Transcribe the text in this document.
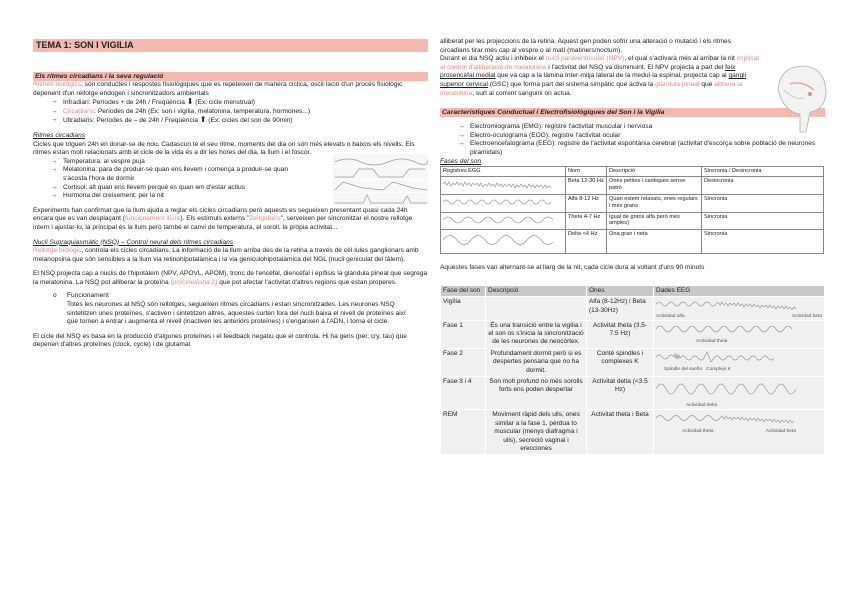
TEMA 1: SON I VIGILIA
Els ritmes circadians i la seva regulació

Ritmes biològics, són conductes i respostes fisiològiques que es repeteixen de manera cíclica, oscil·lació d'un procés fisiològic depenent d'un rellotge endogen i sincronitzadors ambientals

→ Infradiari: Períodes + de 24h / Freqüència ⬇ (Ex: cicle menstrual)
→ Circadians: Períodes de 24h (Ex: son i vigília, melatonina, temperatura, hormones...)
→ Ultradiaris: Períodes de – de 24h / Freqüència ⬆ (Ex: cicles del son de 90min)
Ritmes circadians

Cicles que triguen 24h en donar-se de nou. Cadascun té el seu ritme, moments del dia on són més elevats o baixos els nivells. Els ritmes estan molt relacionats amb el cicle de la vida és a dir les hores del dia, la llum i el foscor.

→ Temperatura: al vespre puja
→ Melatonina: para de produir-se quan ens llevem i comença a produir-se quan s'acosta l'hora de dormir
→ Cortisol: alt quan ens llevem perquè es quan em d'estar actius
→ Hormona del creixement: per la nit

Experiments han confirmat que la llum ajuda a reglar els cicles circadians però aquests es segueixen presentant quasi cada 24h encara que es van desplaçant (funcionament lliure). Els estímuls externs "Zeitgebers", serveixen per sincronitzar el nostre rellotge intern i ajustar-lo, la principal és la llum però també el canvi de temperatura, el soroll, la pròpia activitat...

Nucli Supraquiasmàtic (NSQ) – Control neural dels ritmes circadians

Rellotge biològic, controla els cicles circadians. La informació de la llum arriba des de la retina a través de cèl·lules ganglionars amb melanopsina que són sensibles a la llum via retinohipotalàmica i la via geniculohipotalàmica del NGL (nucli geniculat del tàlem).

El NSQ projecta cap a nuclis de l'hipotàlem (NPV, APOVL, APOM), tronc de l'encèfal, diencèfal i epífisis la glàndula pineal que segrega la melatonina. La NSQ pot alliberar la proteïna (procineticina 2) que pot afectar l'activitat d'altres regions que estan properes.

o Funcionament

Totes les neurones al NSQ són rellotges, segueixen ritmes circadians i estan sincronitzades. Les neurones NSQ sintetitzen unes proteïnes, s'activen i sintetitzen altres, aquestes surten fora del nucli baixa el nivell de proteïnes així que tornen a entrar i augmenta el nivell (inactiven les anteriors proteïnes) i s'enganxen a l'ADN, i torna el cicle.

El cicle del NSQ es basa en la producció d'algunes proteïnes i el feedback negatiu que el controla. Hi ha gens (per, cry, tau) que depenen d'altres proteïnes (clock, cycle) i de glutamat

alliberat per les projeccions de la retina. Aquest gen poden sofrir una alteració o mutació i els ritmes circadians tirar més cap al vespre o al matí (matiners/noctum).
Durant el dia NSQ actiu i inhibeix el nucli paraventricular (NPV), el qual s'activarà més al arribar la nit implicat al control d'alliberació de melatonina i l'activitat del NSQ va disminuint. El NPV projecta a part del feix prosencèfal medial que va cap a la làmina Inter-mitja lateral de la medul·la espinal, projecta cap al gangli superior cervical (GSC) que forma part del sistema simpàtic que activa la glàndula pineal que allibera la melatonina, surt al corrent sanguini on actua.

Característiques Conductual i Electrofisiològiques del Son i la Vigília
→ Electromiograma (EMG): registre l'activitat muscular i nerviosa
→ Electro-oculograma (EOG): registre l'activitat ocular
→ Electroencefalograma (EEG): registre de l'activitat espontània cerebral (activitat d'escorça sobre població de neurones piramidals)
Fases del son
Registres EGG	Nom	Descripció	Sincronia / Desincronia
	Beta 12-30 Hz	Ones petites i caòtiques sense patró	Desincronia
	Alfa 8-12 Hz	Quan estem relaxats, ones regulars i més grans	Sincronia
	Theta 4-7 Hz	Igual de grans alfa però més amples)	Sincronia
	Delta <4 Hz	Ona gran i neta	Sincronia

Aquestes fases van alternant-se al llarg de la nit, cada cicle dura al voltant d'uns 90 minuts

Fase del son	Descripció	Ones	Dades EEG
Vigília		Alfa (8-12Hz) i Beta (13-30Hz)	Actividad alfa Actividad beta

Fase 1	És una transició entre la vigília i el son os s'inicia la sincronització de les neurones de neocòrtex.	Activitat theta (3.5-7.5 Hz)	Actividad theta

Fase 2	Profundament dormit però si es despertes pensaria que no ha dormit.	Conté spindles i complexes K	Spindle del sueño Complejo K

Fase 3 i 4	Son molt profund no més sorolls forts ens poden despertar	Activitat delta (<3.5 Hz)	Actividad delta

REM	Moviment ràpid dels ulls, ones similar a la fase 1, pèrdua to muscular (menys diafragma i ulls), secreció vaginal i erecciones	Activitat theta i Beta	Actividad theta Actividad beta
